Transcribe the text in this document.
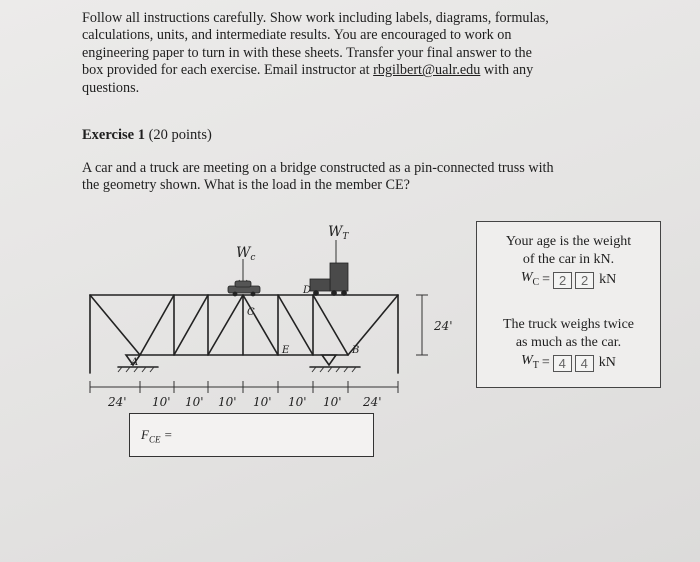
Follow all instructions carefully. Show work including labels, diagrams, formulas,

calculations, units, and intermediate results. You are encouraged to work on

engineering paper to turn in with these sheets. Transfer your final answer to the

box provided for each exercise. Email instructor at rbgilbert@ualr.edu with any

questions.

Exercise 1 (20 points)

A car and a truck are meeting on a bridge constructed as a pin-connected truss with

the geometry shown. What is the load in the member CE?

$W_c$
$W_T$
A
B
C
D
E
24'
24' 10' 10' 10' 10' 10' 10' 24'
$F_{CE}$ =

Your age is the weight

of the car in kN.

$W_C = 2$	2 kN

The truck weighs twice

as much as the car.

$W_T = 4$	4 kN
